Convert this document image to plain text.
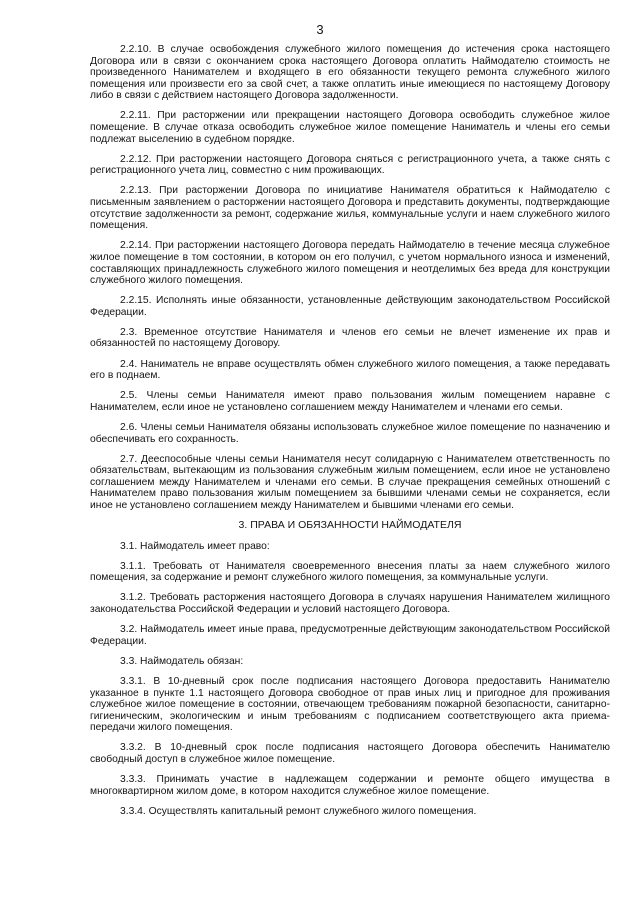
3

2.2.10. В случае освобождения служебного жилого помещения до истечения срока настоящего Договора или в связи с окончанием срока настоящего Договора оплатить Наймодателю стоимость не произведенного Нанимателем и входящего в его обязанности текущего ремонта служебного жилого помещения или произвести его за свой счет, а также оплатить иные имеющиеся по настоящему Договору либо в связи с действием настоящего Договора задолженности.

2.2.11. При расторжении или прекращении настоящего Договора освободить служебное жилое помещение. В случае отказа освободить служебное жилое помещение Наниматель и члены его семьи подлежат выселению в судебном порядке.

2.2.12. При расторжении настоящего Договора сняться с регистрационного учета, а также снять с регистрационного учета лиц, совместно с ним проживающих.

2.2.13. При расторжении Договора по инициативе Нанимателя обратиться к Наймодателю с письменным заявлением о расторжении настоящего Договора и представить документы, подтверждающие отсутствие задолженности за ремонт, содержание жилья, коммунальные услуги и наем служебного жилого помещения.

2.2.14. При расторжении настоящего Договора передать Наймодателю в течение месяца служебное жилое помещение в том состоянии, в котором он его получил, с учетом нормального износа и изменений, составляющих принадлежность служебного жилого помещения и неотделимых без вреда для конструкции служебного жилого помещения.

2.2.15. Исполнять иные обязанности, установленные действующим законодательством Российской Федерации.

2.3. Временное отсутствие Нанимателя и членов его семьи не влечет изменение их прав и обязанностей по настоящему Договору.

2.4. Наниматель не вправе осуществлять обмен служебного жилого помещения, а также передавать его в поднаем.

2.5. Члены семьи Нанимателя имеют право пользования жилым помещением наравне с Нанимателем, если иное не установлено соглашением между Нанимателем и членами его семьи.

2.6. Члены семьи Нанимателя обязаны использовать служебное жилое помещение по назначению и обеспечивать его сохранность.

2.7. Дееспособные члены семьи Нанимателя несут солидарную с Нанимателем ответственность по обязательствам, вытекающим из пользования служебным жилым помещением, если иное не установлено соглашением между Нанимателем и членами его семьи. В случае прекращения семейных отношений с Нанимателем право пользования жилым помещением за бывшими членами семьи не сохраняется, если иное не установлено соглашением между Нанимателем и бывшими членами его семьи.

3. ПРАВА И ОБЯЗАННОСТИ НАЙМОДАТЕЛЯ

3.1. Наймодатель имеет право:

3.1.1. Требовать от Нанимателя своевременного внесения платы за наем служебного жилого помещения, за содержание и ремонт служебного жилого помещения, за коммунальные услуги.

3.1.2. Требовать расторжения настоящего Договора в случаях нарушения Нанимателем жилищного законодательства Российской Федерации и условий настоящего Договора.

3.2. Наймодатель имеет иные права, предусмотренные действующим законодательством Российской Федерации.

3.3. Наймодатель обязан:

3.3.1. В 10-дневный срок после подписания настоящего Договора предоставить Нанимателю указанное в пункте 1.1 настоящего Договора свободное от прав иных лиц и пригодное для проживания служебное жилое помещение в состоянии, отвечающем требованиям пожарной безопасности, санитарно-гигиеническим, экологическим и иным требованиям с подписанием соответствующего акта приема-передачи жилого помещения.

3.3.2. В 10-дневный срок после подписания настоящего Договора обеспечить Нанимателю свободный доступ в служебное жилое помещение.

3.3.3. Принимать участие в надлежащем содержании и ремонте общего имущества в многоквартирном жилом доме, в котором находится служебное жилое помещение.

3.3.4. Осуществлять капитальный ремонт служебного жилого помещения.
